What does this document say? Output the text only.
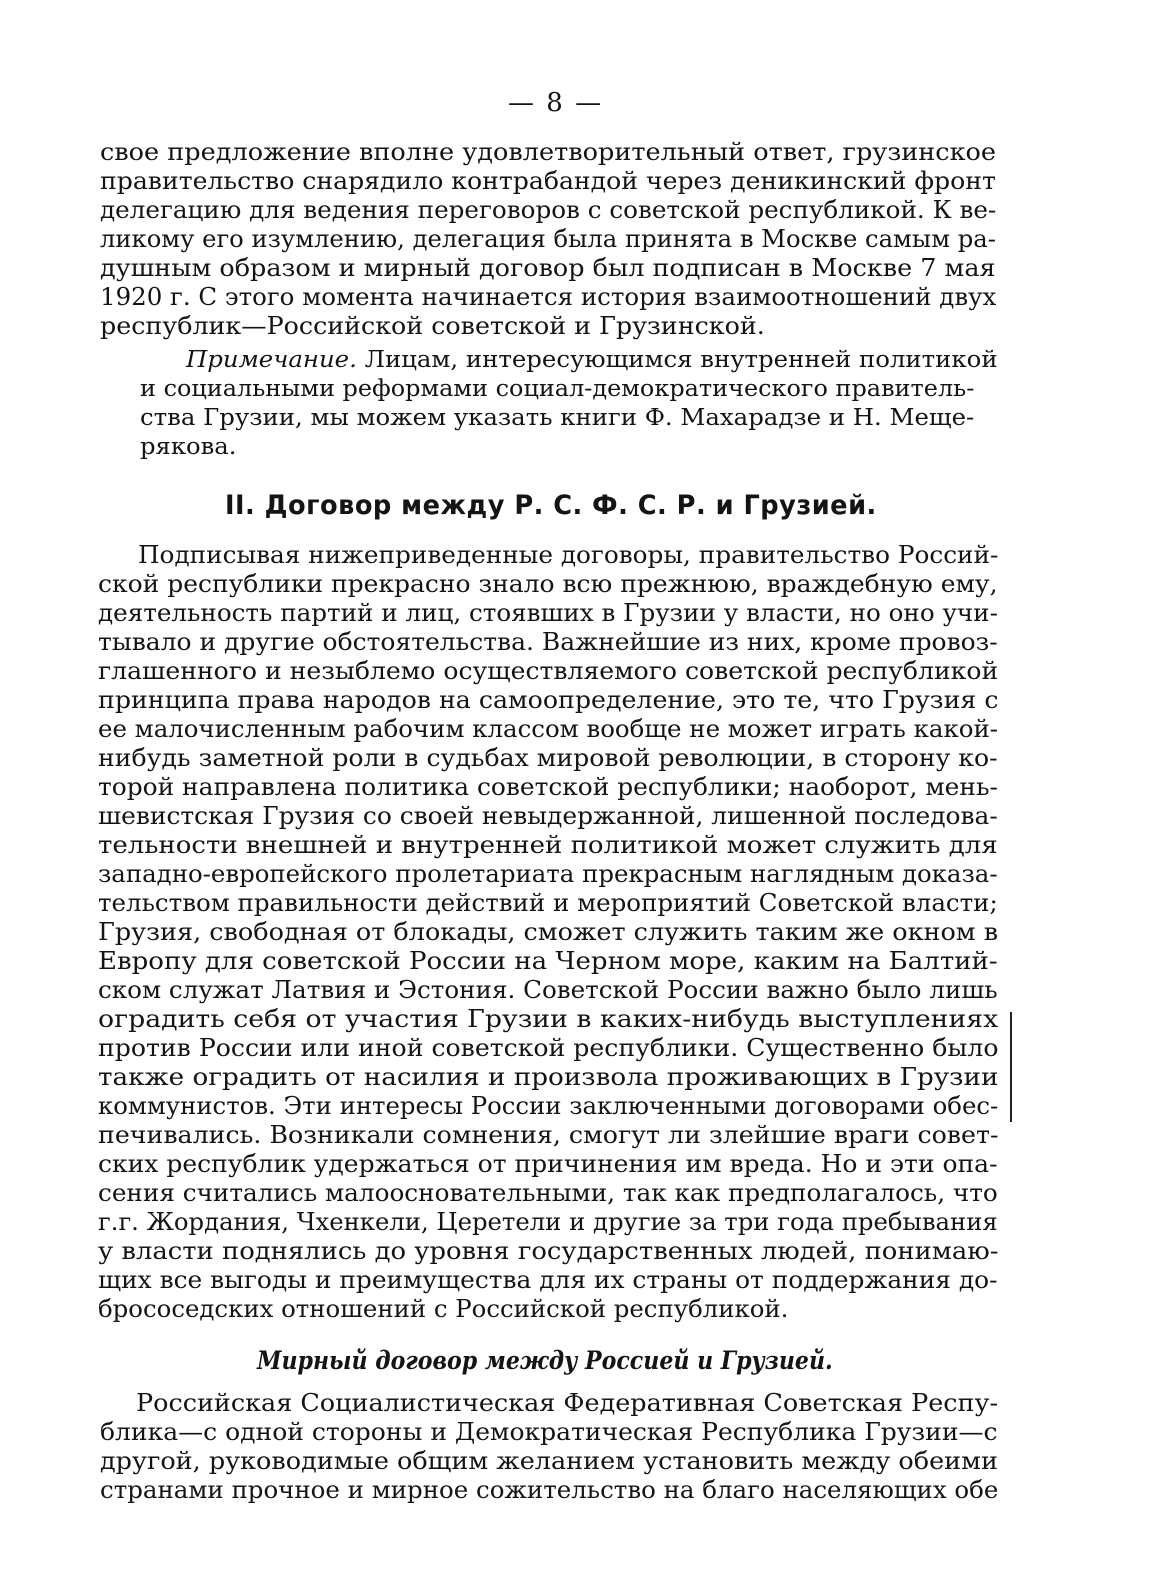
— 8 —
свое предложение вполне удовлетворительный ответ, грузинское
правительство снарядило контрабандой через деникинский фронт
делегацию для ведения переговоров с советской республикой. К ве-
ликому его изумлению, делегация была принята в Москве самым ра-
душным образом и мирный договор был подписан в Москве 7 мая
1920 г. С этого момента начинается история взаимоотношений двух
республик—Российской советской и Грузинской.
Примечание. Лицам, интересующимся внутренней политикой
и социальными реформами социал-демократического правитель-
ства Грузии, мы можем указать книги Ф. Махарадзе и Н. Меще-
рякова.
II. Договор между Р. С. Ф. С. Р. и Грузией.
Подписывая нижеприведенные договоры, правительство Россий-
ской республики прекрасно знало всю прежнюю, враждебную ему,
деятельность партий и лиц, стоявших в Грузии у власти, но оно учи-
тывало и другие обстоятельства. Важнейшие из них, кроме провоз-
глашенного и незыблемо осуществляемого советской республикой
принципа права народов на самоопределение, это те, что Грузия с
ее малочисленным рабочим классом вообще не может играть какой-
нибудь заметной роли в судьбах мировой революции, в сторону ко-
торой направлена политика советской республики; наоборот, мень-
шевистская Грузия со своей невыдержанной, лишенной последова-
тельности внешней и внутренней политикой может служить для
западно-европейского пролетариата прекрасным наглядным доказа-
тельством правильности действий и мероприятий Советской власти;
Грузия, свободная от блокады, сможет служить таким же окном в
Европу для советской России на Черном море, каким на Балтий-
ском служат Латвия и Эстония. Советской России важно было лишь
оградить себя от участия Грузии в каких-нибудь выступлениях
против России или иной советской республики. Существенно было
также оградить от насилия и произвола проживающих в Грузии
коммунистов. Эти интересы России заключенными договорами обес-
печивались. Возникали сомнения, смогут ли злейшие враги совет-
ских республик удержаться от причинения им вреда. Но и эти опа-
сения считались малоосновательными, так как предполагалось, что
г.г. Жордания, Чхенкели, Церетели и другие за три года пребывания
у власти поднялись до уровня государственных людей, понимаю-
щих все выгоды и преимущества для их страны от поддержания до-
брососедских отношений с Российской республикой.
Мирный договор между Россией и Грузией.
Российская Социалистическая Федеративная Советская Респу-
блика—с одной стороны и Демократическая Республика Грузии—с
другой, руководимые общим желанием установить между обеими
странами прочное и мирное сожительство на благо населяющих обе
